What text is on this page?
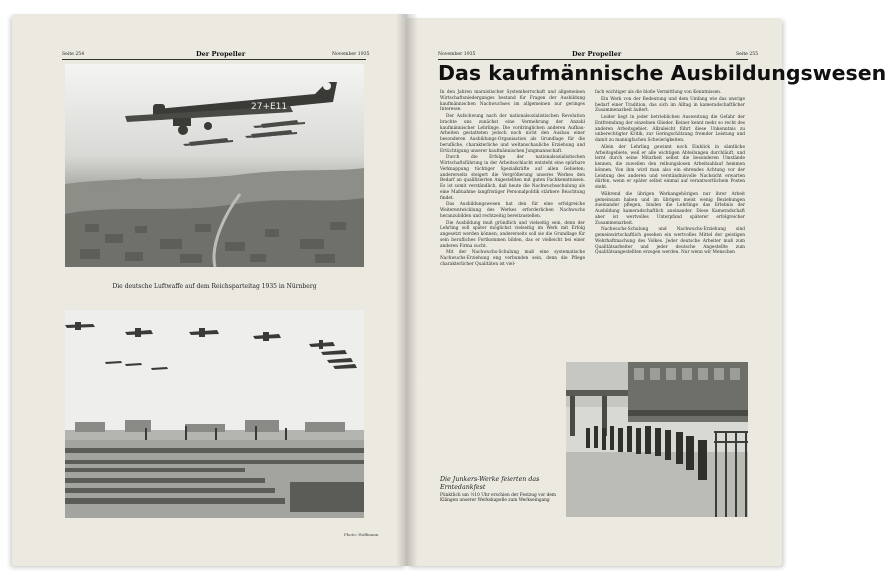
Seite 254	Der Propeller	November 1935
27+E11
Die deutsche Luftwaffe auf dem Reichsparteitag 1935 in Nürnberg
Photo: Hoffmann
November 1935	Der Propeller	Seite 255
Das kaufmännische Ausbildungswesen

In den Jahren marxistischer Systemherrschaft und allgemeinen Wirtschaftsniederganges bestand für Fragen der Ausbildung kaufmännischen Nachwuchses im allgemeinen nur geringes Interesse.

Der Aufschwung nach der nationalsozialistischen Revolution brachte uns zunächst eine Vermehrung der Anzahl kaufmännischer Lehrlinge. Die vordringlichen anderen Aufbau-Arbeiten gestatteten jedoch noch nicht den Ausbau einer besonderen Ausbildungs-Organisation als Grundlage für die berufliche, charakterliche und weltanschauliche Erziehung und Ertüchtigung unserer kaufmännischen Jungmannschaft.

Durch die Erfolge der nationalsozialistischen Wirtschaftsführung in der Arbeitsschlacht entsteht eine spürbare Verknappung tüchtiger Spezialkräfte auf allen Gebieten; andererseits steigert die Vergrößerung unseres Werkes den Bedarf an qualifizierten Angestellten mit guten Fachkenntnissen. Es ist somit verständlich, daß heute die Nachwuchsschulung als eine Maßnahme langfristiger Personalpolitik stärkere Beachtung findet.

Das Ausbildungswesen hat den für eine erfolgreiche Weiterentwicklung des Werkes erforderlichen Nachwuchs heranzubilden und rechtzeitig bereitzustellen.

Die Ausbildung muß gründlich und vielseitig sein, denn der Lehrling soll später möglichst vielseitig im Werk mit Erfolg angesetzt werden können; andererseits soll sie die Grundlage für sein berufliches Fortkommen bilden, das er vielleicht bei einer anderen Firma sucht.

Mit der Nachwuchs-Schulung muß eine systematische Nachwuchs-Erziehung eng verbunden sein, denn die Pflege charakterlicher Qualitäten ist viel-

fach wichtiger als die bloße Vermittlung von Kenntnissen.

Ein Werk von der Bedeutung und dem Umfang wie das unsrige bedarf einer Tradition, das sich im Alltag in kameradschaftlicher Zusammenarbeit äußert.

Leider liegt in jeder betrieblichen Ausweitung die Gefahr der Entfremdung der einzelnen Glieder. Keiner kennt mehr so recht des anderen Arbeitsgebiet. Allzuleicht führt diese Unkenntnis zu unberechtigter Kritik, zur Geringschätzung fremder Leistung und damit zu mannigfachen Schwierigkeiten.

Allein der Lehrling gewinnt noch Einblick in sämtliche Arbeitsgebiete, weil er alle wichtigen Abteilungen durchläuft, und lernt durch seine Mitarbeit selbst die besonderen Umstände kennen, die zuweilen den reibungslosen Arbeitsablauf hemmen können. Von ihm wird man also ein ehrendes Achtung vor der Leistung des anderen und verständnisvolle Nachsicht erwarten dürfen, wenn er später selbst einmal auf verantwortlichem Posten steht.

Während die übrigen Werkangehörigen nur ihrer Arbeit gemeinsam haben und im übrigen meist wenig Beziehungen zueinander pflegen, binden die Lehrlinge das Erlebnis der Ausbildung kameradschaftlich aneinander. Diese Kameradschaft aber ist wertvolles Unterpfand späterer erfolgreicher Zusammenarbeit.

Nachwuchs-Schulung und Nachwuchs-Erziehung sind gemeinwirtschaftlich gesehen ein wertvolles Mittel der geistigen Wehrhaftmachung des Volkes. Jeder deutsche Arbeiter muß zum Qualitätsarbeiter und jeder deutsche Angestellte zum Qualitätsangestellten erzogen werden. Nur wenn wir Menschen

Die Junkers-Werke feierten das Erntedankfest
Pünktlich um ½10 Uhr erschien der Festzug vor dem Klängen unserer Werkskapelle zum Werkseingang
